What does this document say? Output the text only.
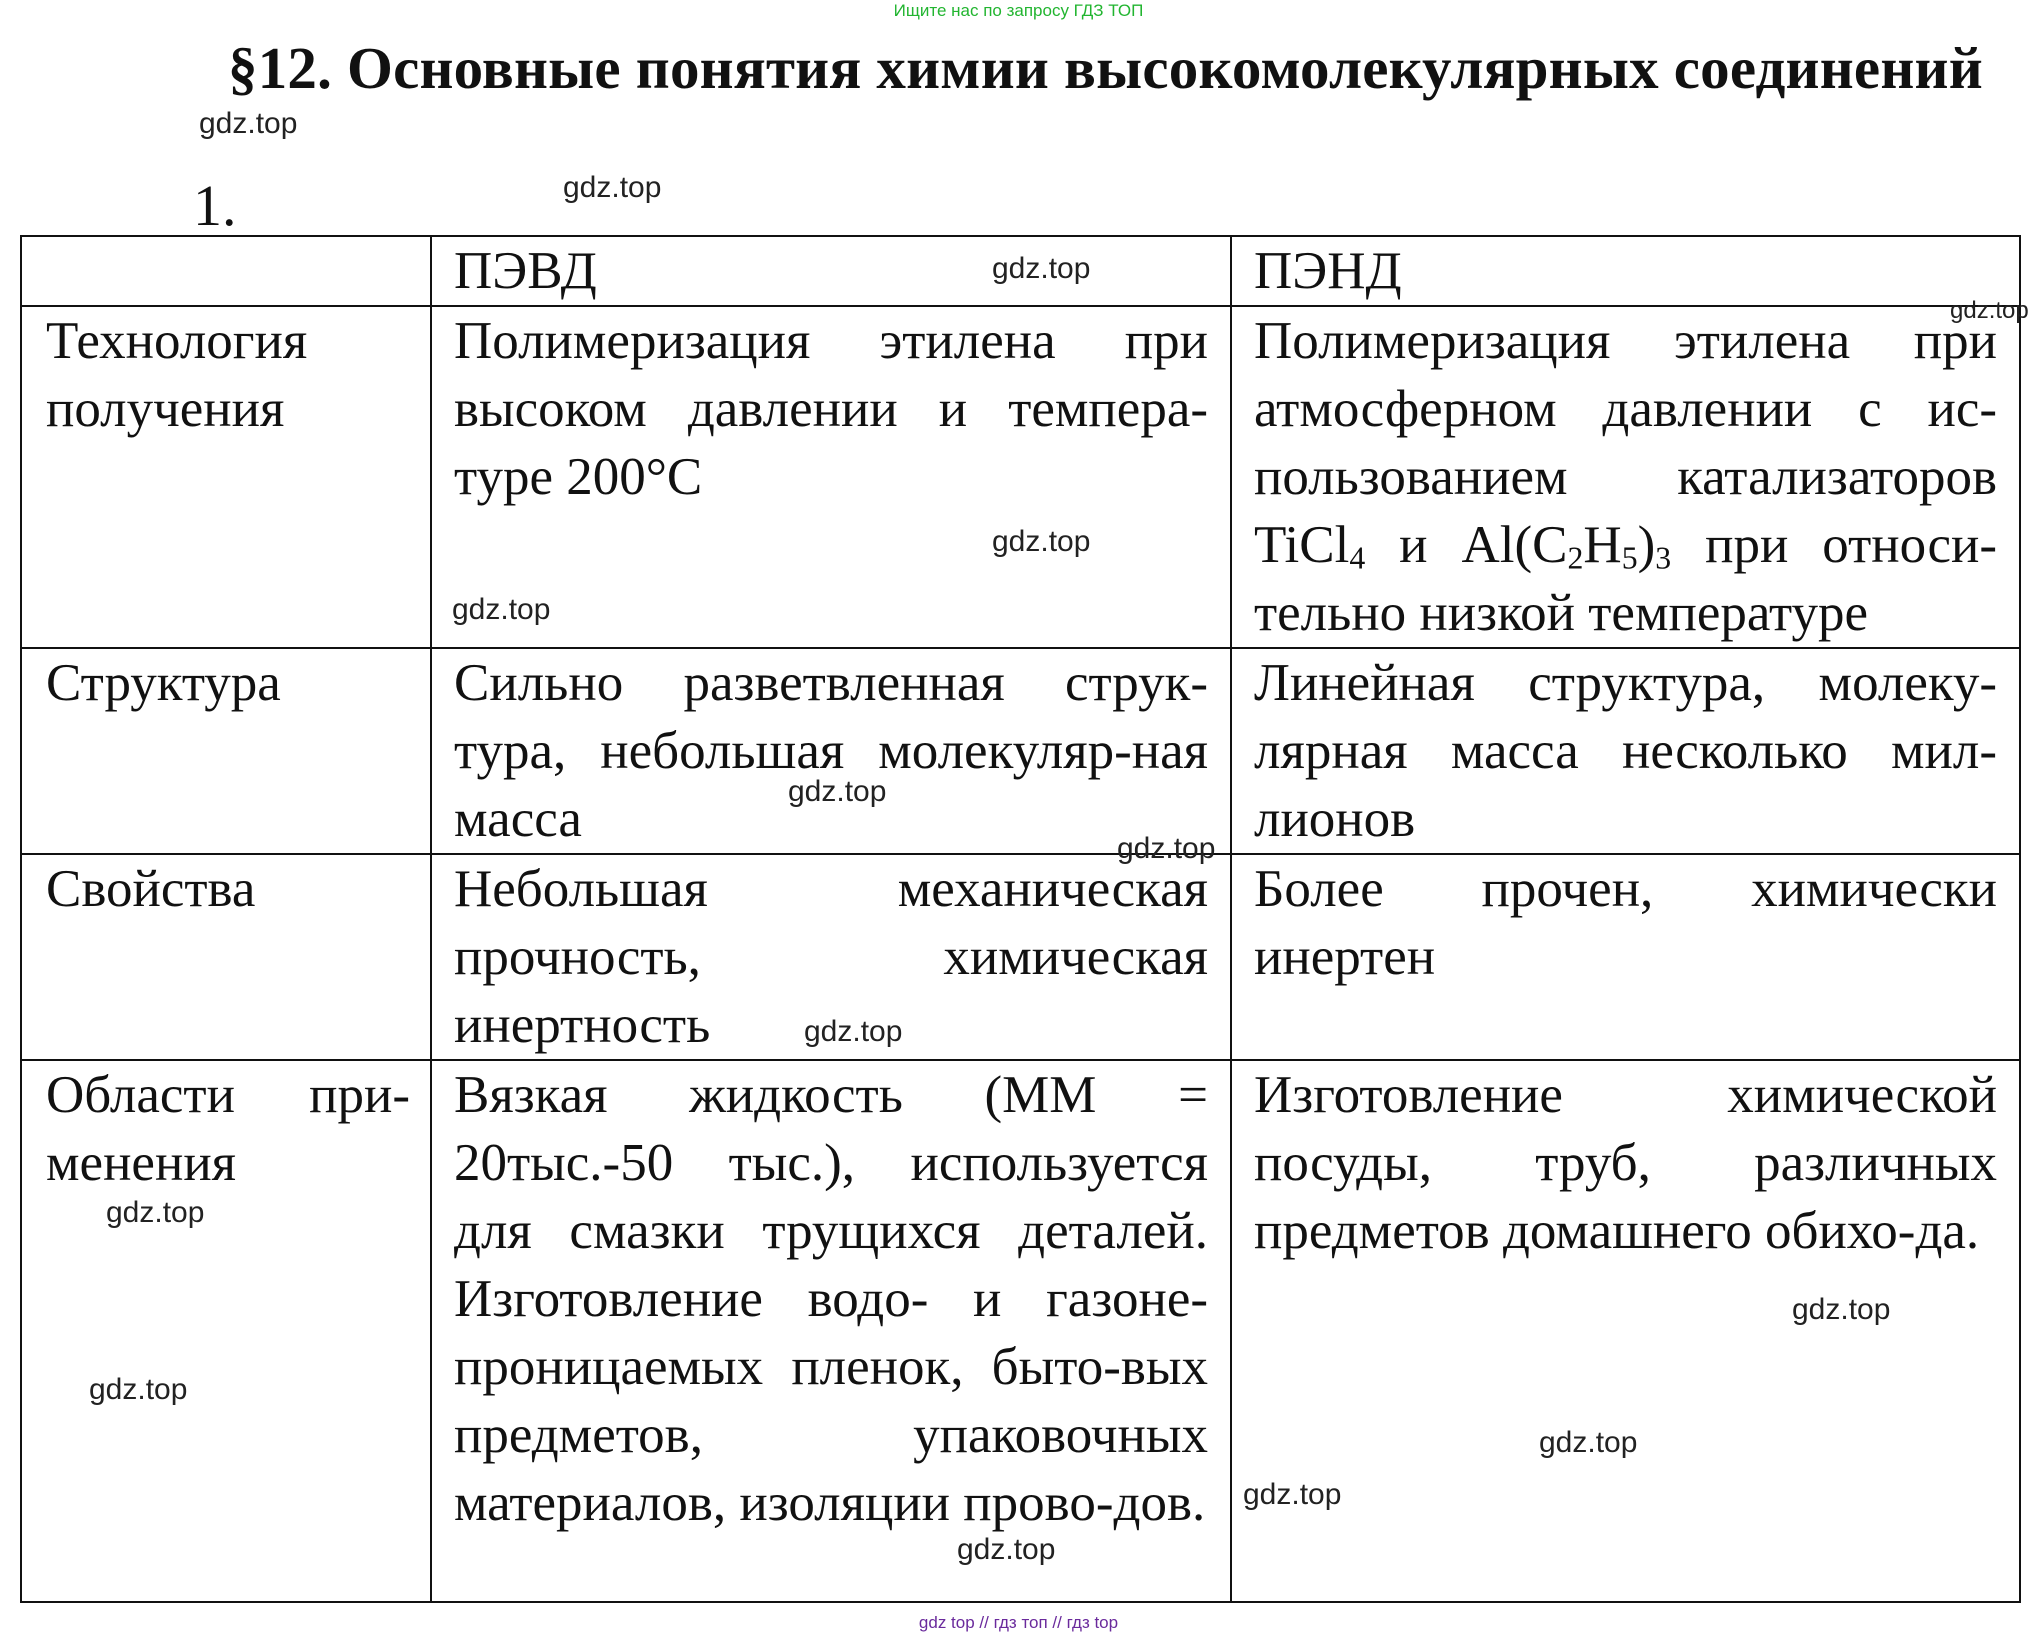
Ищите нас по запросу ГДЗ ТОП
§12. Основные понятия химии высокомолекулярных соединений
1.
	ПЭВД	ПЭНД
Технология получения	Полимеризация этилена при высоком давлении и темпера-туре 200°С	Полимеризация этилена при атмосферном давлении с ис-пользованием катализаторов TiCl$_4$ и $Al(C_2H_5)_3$ при относи-тельно низкой температуре
Структура	Сильно разветвленная струк-тура, небольшая молекуляр-ная масса	Линейная структура, молеку-лярная масса несколько мил-лионов
Свойства	Небольшая механическая прочность, химическая инертность	Более прочен, химически инертен
Области при-менения	Вязкая жидкость (ММ = 20тыс.-50 тыс.), используется для смазки трущихся деталей. Изготовление водо- и газоне-проницаемых пленок, быто-вых предметов, упаковочных материалов, изоляции прово-дов.	Изготовление химической посуды, труб, различных предметов домашнего обихо-да.
gdz.top
gdz.top
gdz.top
gdz.top
gdz.top
gdz.top
gdz.top
gdz.top
gdz.top
gdz.top
gdz.top
gdz.top
gdz.top
gdz.top
gdz.top
gdz top // гдз топ // гдз top
